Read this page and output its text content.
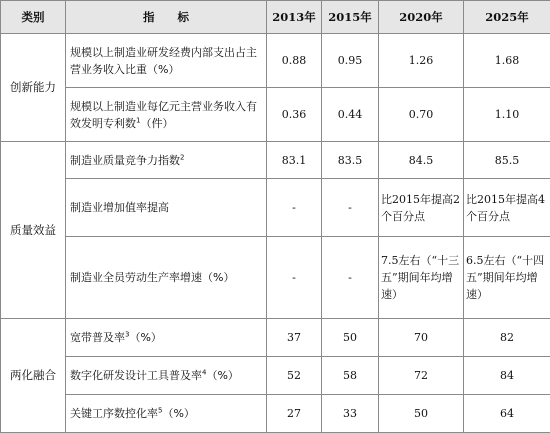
类别	指　　标	2013年	2015年	2020年	2025年
创新能力	规模以上制造业研发经费内部支出占主营业务收入比重（%）	0.88	0.95	1.26	1.68
	规模以上制造业每亿元主营业务收入有效发明专利数$^1$（件）	0.36	0.44	0.70	1.10
质量效益	制造业质量竞争力指数$^2$	83.1	83.5	84.5	85.5
	制造业增加值率提高	-	-	比2015年提高2个百分点	比2015年提高4个百分点
	制造业全员劳动生产率增速（%）	-	-	7.5左右（“十三五”期间年均增速）	6.5左右（“十四五”期间年均增速）
两化融合	宽带普及率$^3$（%）	37	50	70	82
	数字化研发设计工具普及率$^4$（%）	52	58	72	84
	关键工序数控化率$^5$（%）	27	33	50	64
